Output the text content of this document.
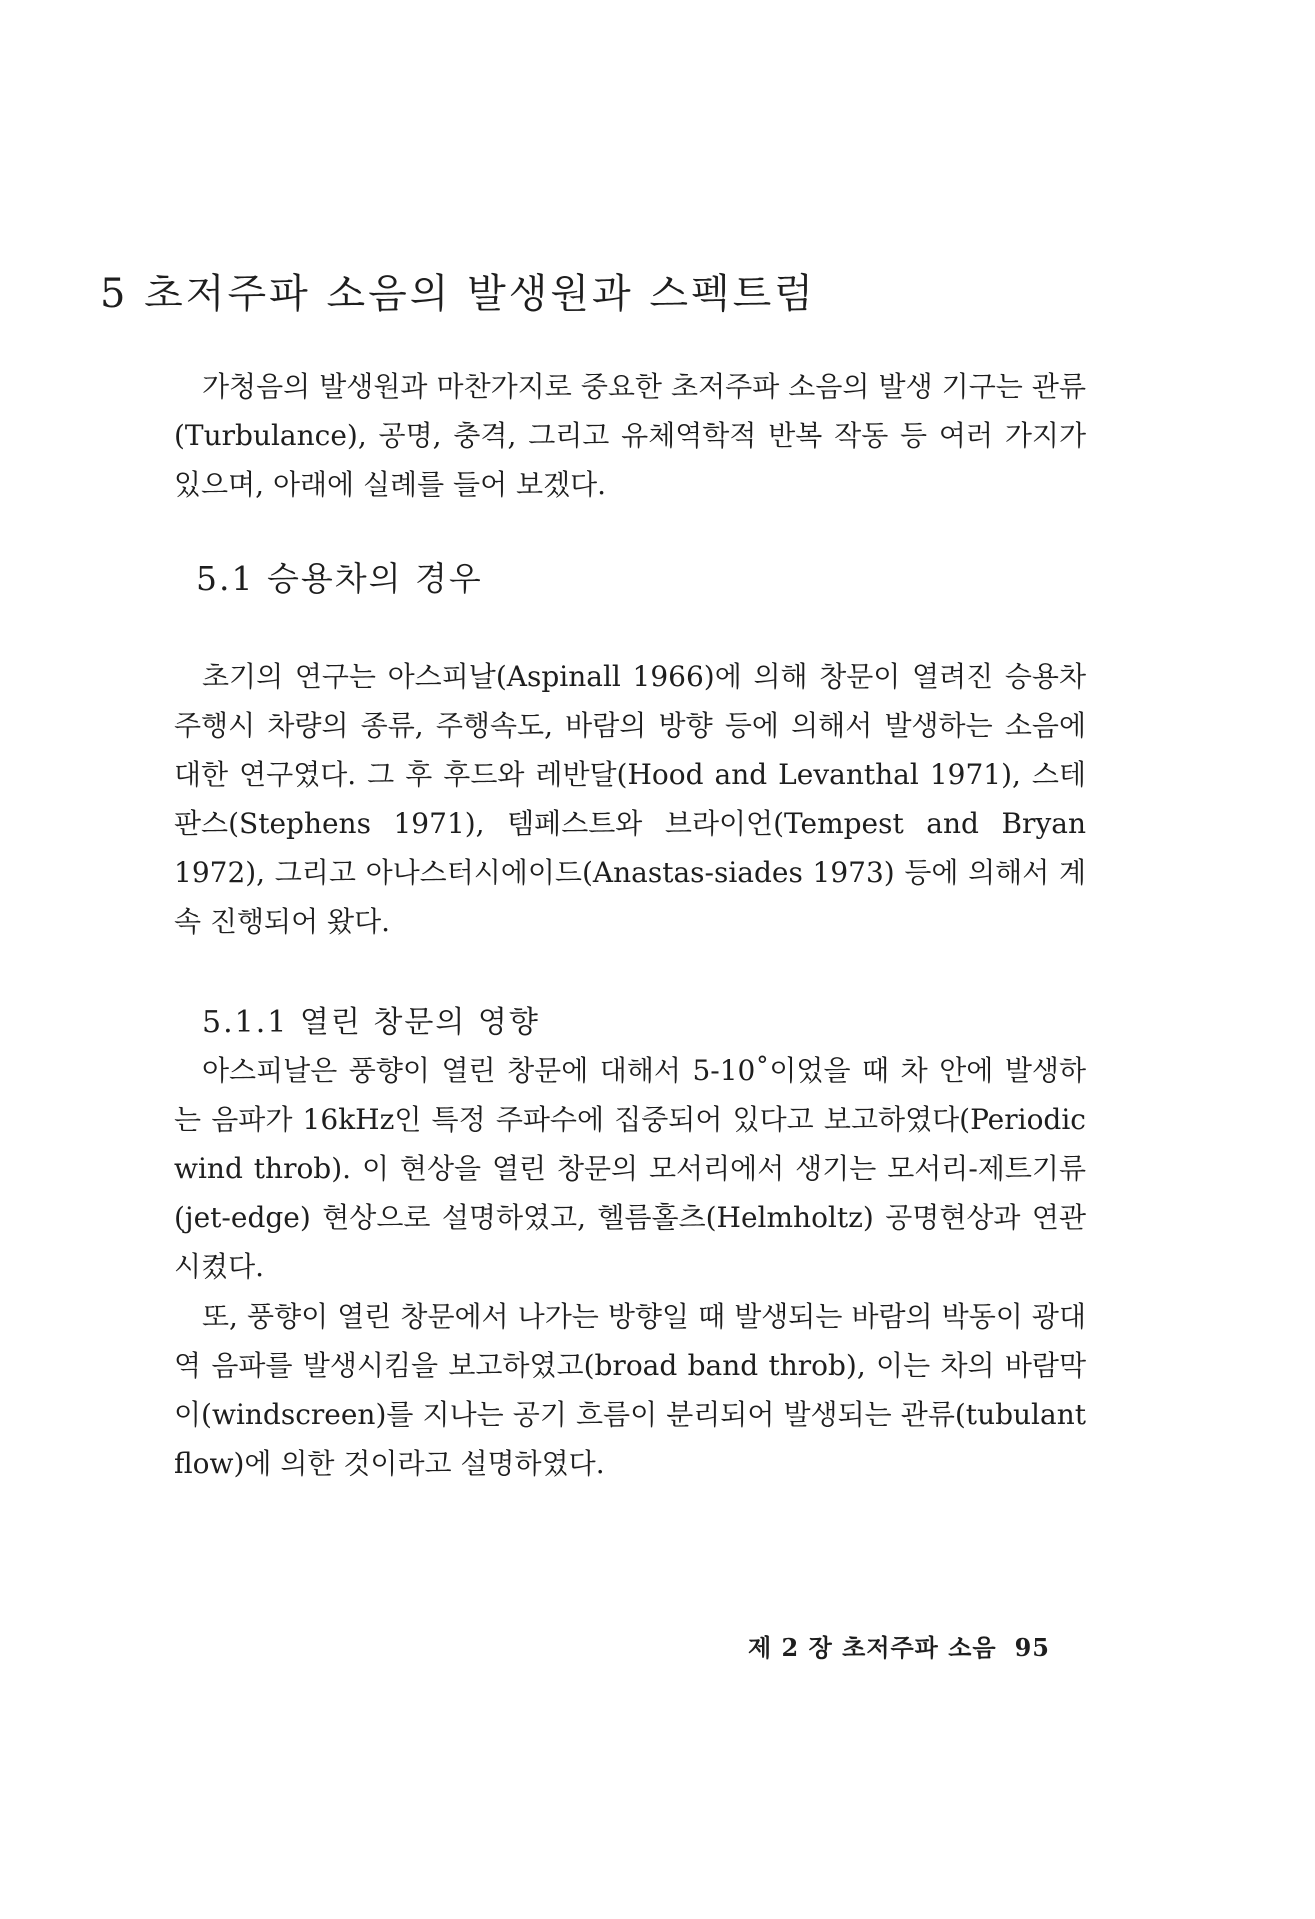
5 초저주파 소음의 발생원과 스펙트럼

가청음의 발생원과 마찬가지로 중요한 초저주파 소음의 발생 기구는 관류(Turbulance), 공명, 충격, 그리고 유체역학적 반복 작동 등 여러 가지가 있으며, 아래에 실례를 들어 보겠다.

5.1 승용차의 경우

초기의 연구는 아스피날(Aspinall 1966)에 의해 창문이 열려진 승용차 주행시 차량의 종류, 주행속도, 바람의 방향 등에 의해서 발생하는 소음에 대한 연구였다. 그 후 후드와 레반달(Hood and Levanthal 1971), 스테판스(Stephens 1971), 템페스트와 브라이언(Tempest and Bryan 1972), 그리고 아나스터시에이드(Anastas-siades 1973) 등에 의해서 계속 진행되어 왔다.

5.1.1 열린 창문의 영향

아스피날은 풍향이 열린 창문에 대해서 5-10˚이었을 때 차 안에 발생하는 음파가 16kHz인 특정 주파수에 집중되어 있다고 보고하였다(Periodic wind throb). 이 현상을 열린 창문의 모서리에서 생기는 모서리-제트기류(jet-edge) 현상으로 설명하였고, 헬름홀츠(Helmholtz) 공명현상과 연관시켰다.

또, 풍향이 열린 창문에서 나가는 방향일 때 발생되는 바람의 박동이 광대역 음파를 발생시킴을 보고하였고(broad band throb), 이는 차의 바람막이(windscreen)를 지나는 공기 흐름이 분리되어 발생되는 관류(tubulant flow)에 의한 것이라고 설명하였다.

제 2 장 초저주파 소음 95
